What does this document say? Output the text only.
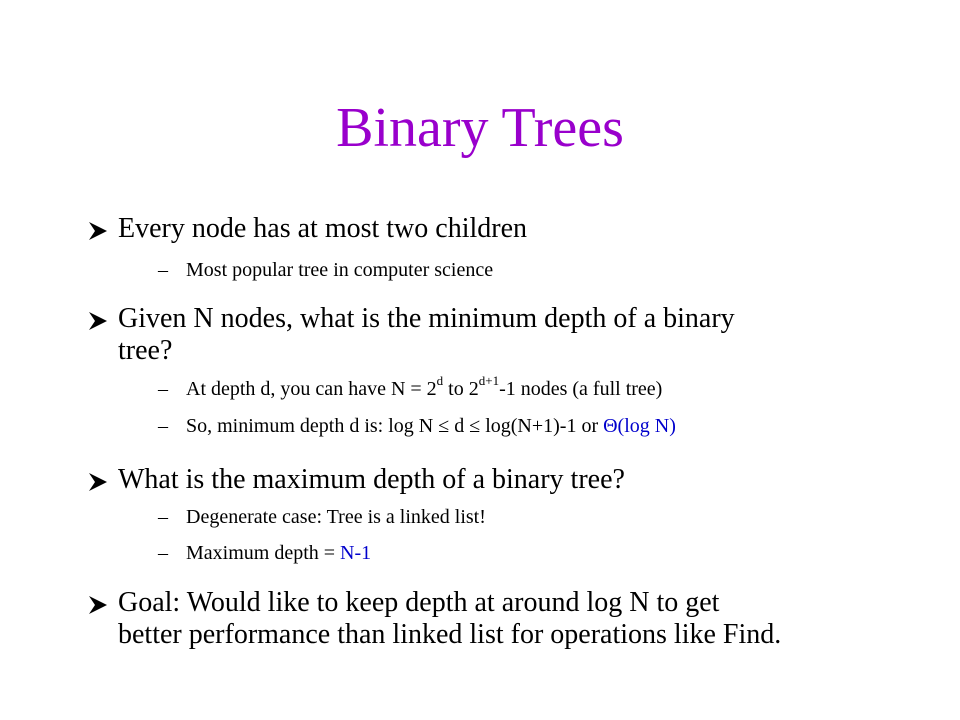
Binary Trees
Every node has at most two children
– Most popular tree in computer science
Given N nodes, what is the minimum depth of a binary
tree?
– At depth d, you can have $N = 2^d$ to $2^{d+1}-1$ nodes (a full tree)
– So, minimum depth d is: log N ≤ d ≤ log(N+1)-1 or Θ(log N)
What is the maximum depth of a binary tree?
– Degenerate case: Tree is a linked list!
– Maximum depth = N-1
Goal: Would like to keep depth at around log N to get
better performance than linked list for operations like Find.
